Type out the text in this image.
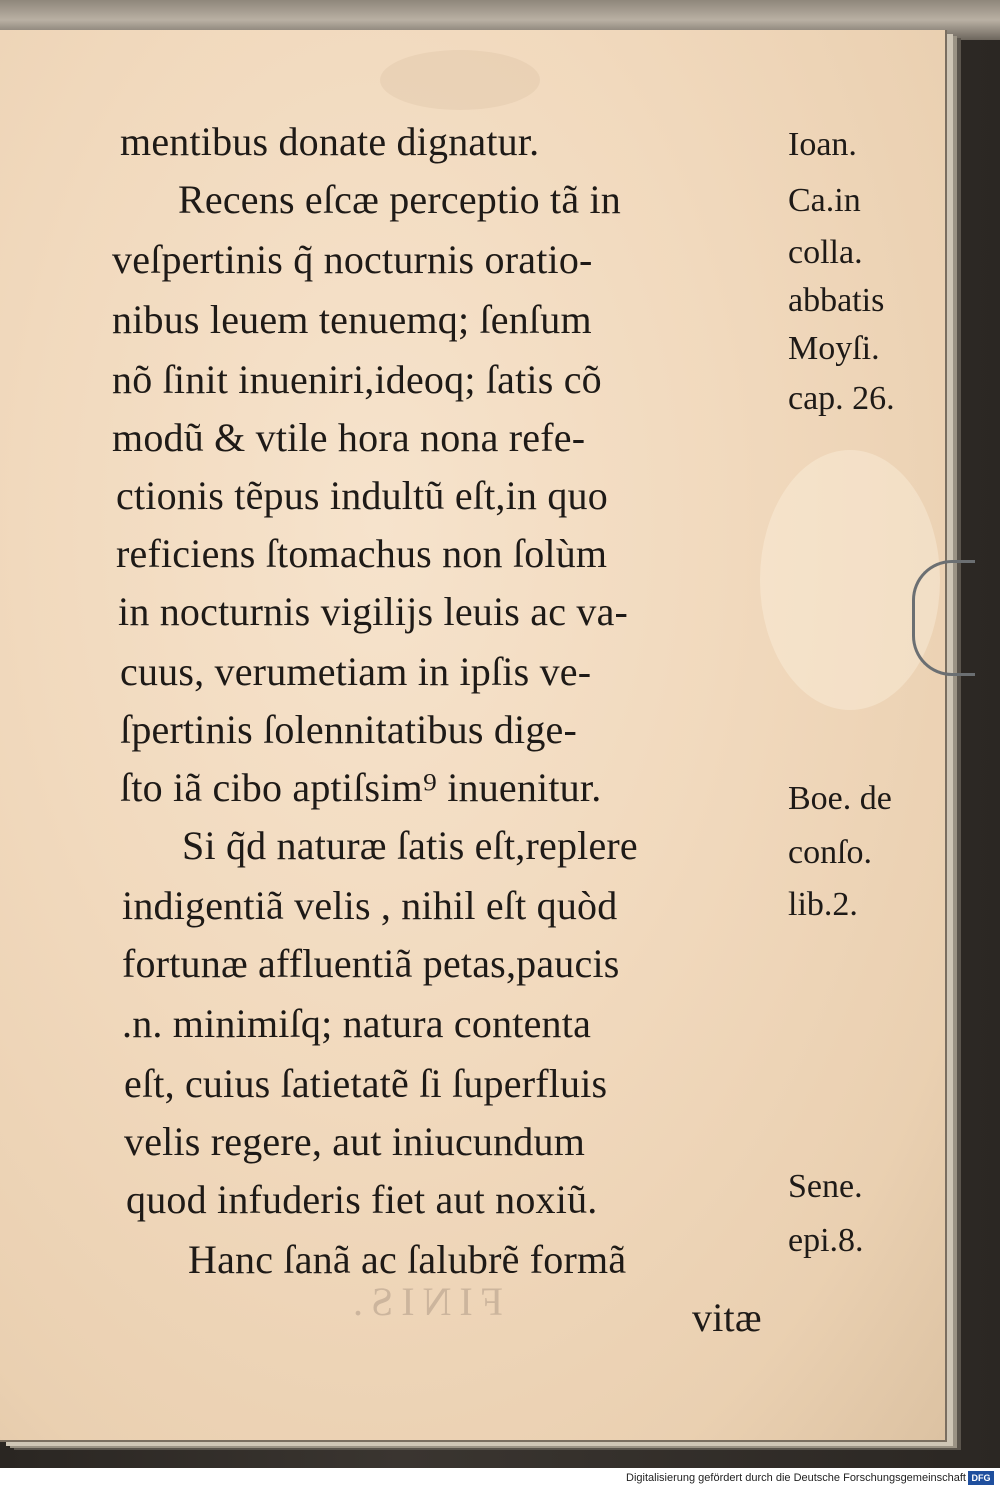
FINIS.
mentibus donate dignatur.
Recens eſcæ perceptio tã in
veſpertinis q̃ nocturnis oratio-
nibus leuem tenuemq; ſenſum
nõ ſinit inueniri,ideoq; ſatis cõ
modũ & vtile hora nona refe-
ctionis tẽpus indultũ eſt,in quo
reficiens ſtomachus non ſolùm
in nocturnis vigilijs leuis ac va-
cuus, verumetiam in ipſis ve-
ſpertinis ſolennitatibus dige-
ſto iã cibo aptiſsim⁹ inuenitur.
Si q̃d naturæ ſatis eſt,replere
indigentiã velis , nihil eſt quòd
fortunæ affluentiã petas,paucis
.n. minimiſq; natura contenta
eſt, cuius ſatietatẽ ſi ſuperfluis
velis regere, aut iniucundum
quod infuderis fiet aut noxiũ.
Hanc ſanã ac ſalubrẽ formã
vitæ
Ioan.
Ca.in
colla.
abbatis
Moyſi.
cap. 26.
Boe. de
conſo.
lib.2.
Sene.
epi.8.
Digitalisierung gefördert durch die Deutsche Forschungsgemeinschaft DFG
